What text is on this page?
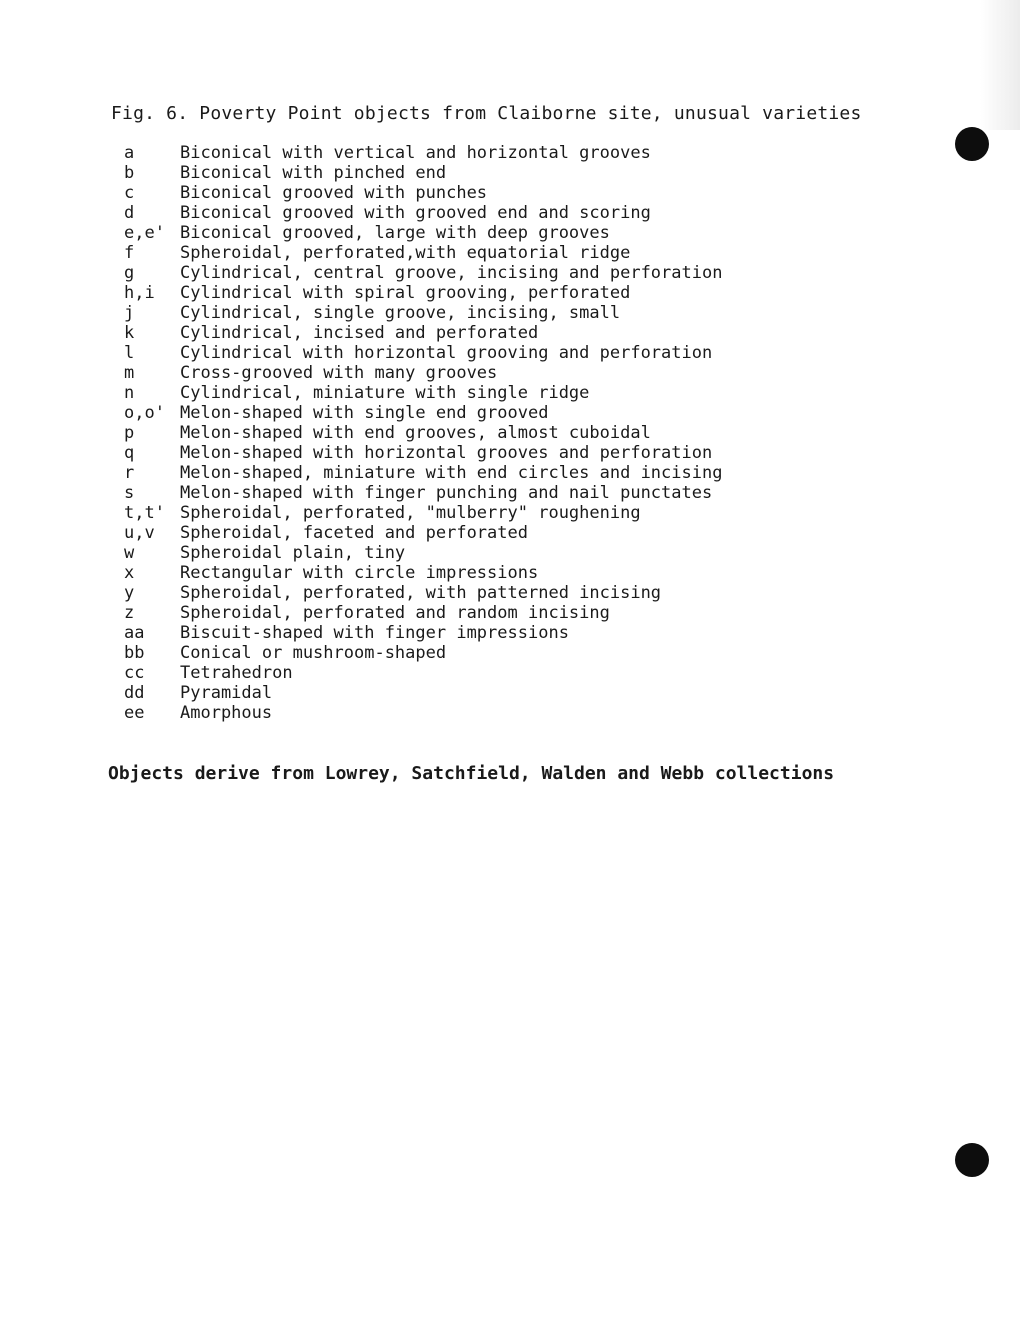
Fig. 6. Poverty Point objects from Claiborne site, unusual varieties
a	Biconical with vertical and horizontal grooves
b	Biconical with pinched end
c	Biconical grooved with punches
d	Biconical grooved with grooved end and scoring
e,e' Biconical grooved, large with deep grooves
f	Spheroidal, perforated,with equatorial ridge
g	Cylindrical, central groove, incising and perforation
h,i Cylindrical with spiral grooving, perforated
j	Cylindrical, single groove, incising, small
k	Cylindrical, incised and perforated
l	Cylindrical with horizontal grooving and perforation
m	Cross-grooved with many grooves
n	Cylindrical, miniature with single ridge
o,o' Melon-shaped with single end grooved
p	Melon-shaped with end grooves, almost cuboidal
q	Melon-shaped with horizontal grooves and perforation
r	Melon-shaped, miniature with end circles and incising
s	Melon-shaped with finger punching and nail punctates
t,t' Spheroidal, perforated, "mulberry" roughening
u,v Spheroidal, faceted and perforated
w	Spheroidal plain, tiny
x	Rectangular with circle impressions
y	Spheroidal, perforated, with patterned incising
z	Spheroidal, perforated and random incising
aa Biscuit-shaped with finger impressions
bb Conical or mushroom-shaped
cc Tetrahedron
dd Pyramidal
ee Amorphous
Objects derive from Lowrey, Satchfield, Walden and Webb collections
